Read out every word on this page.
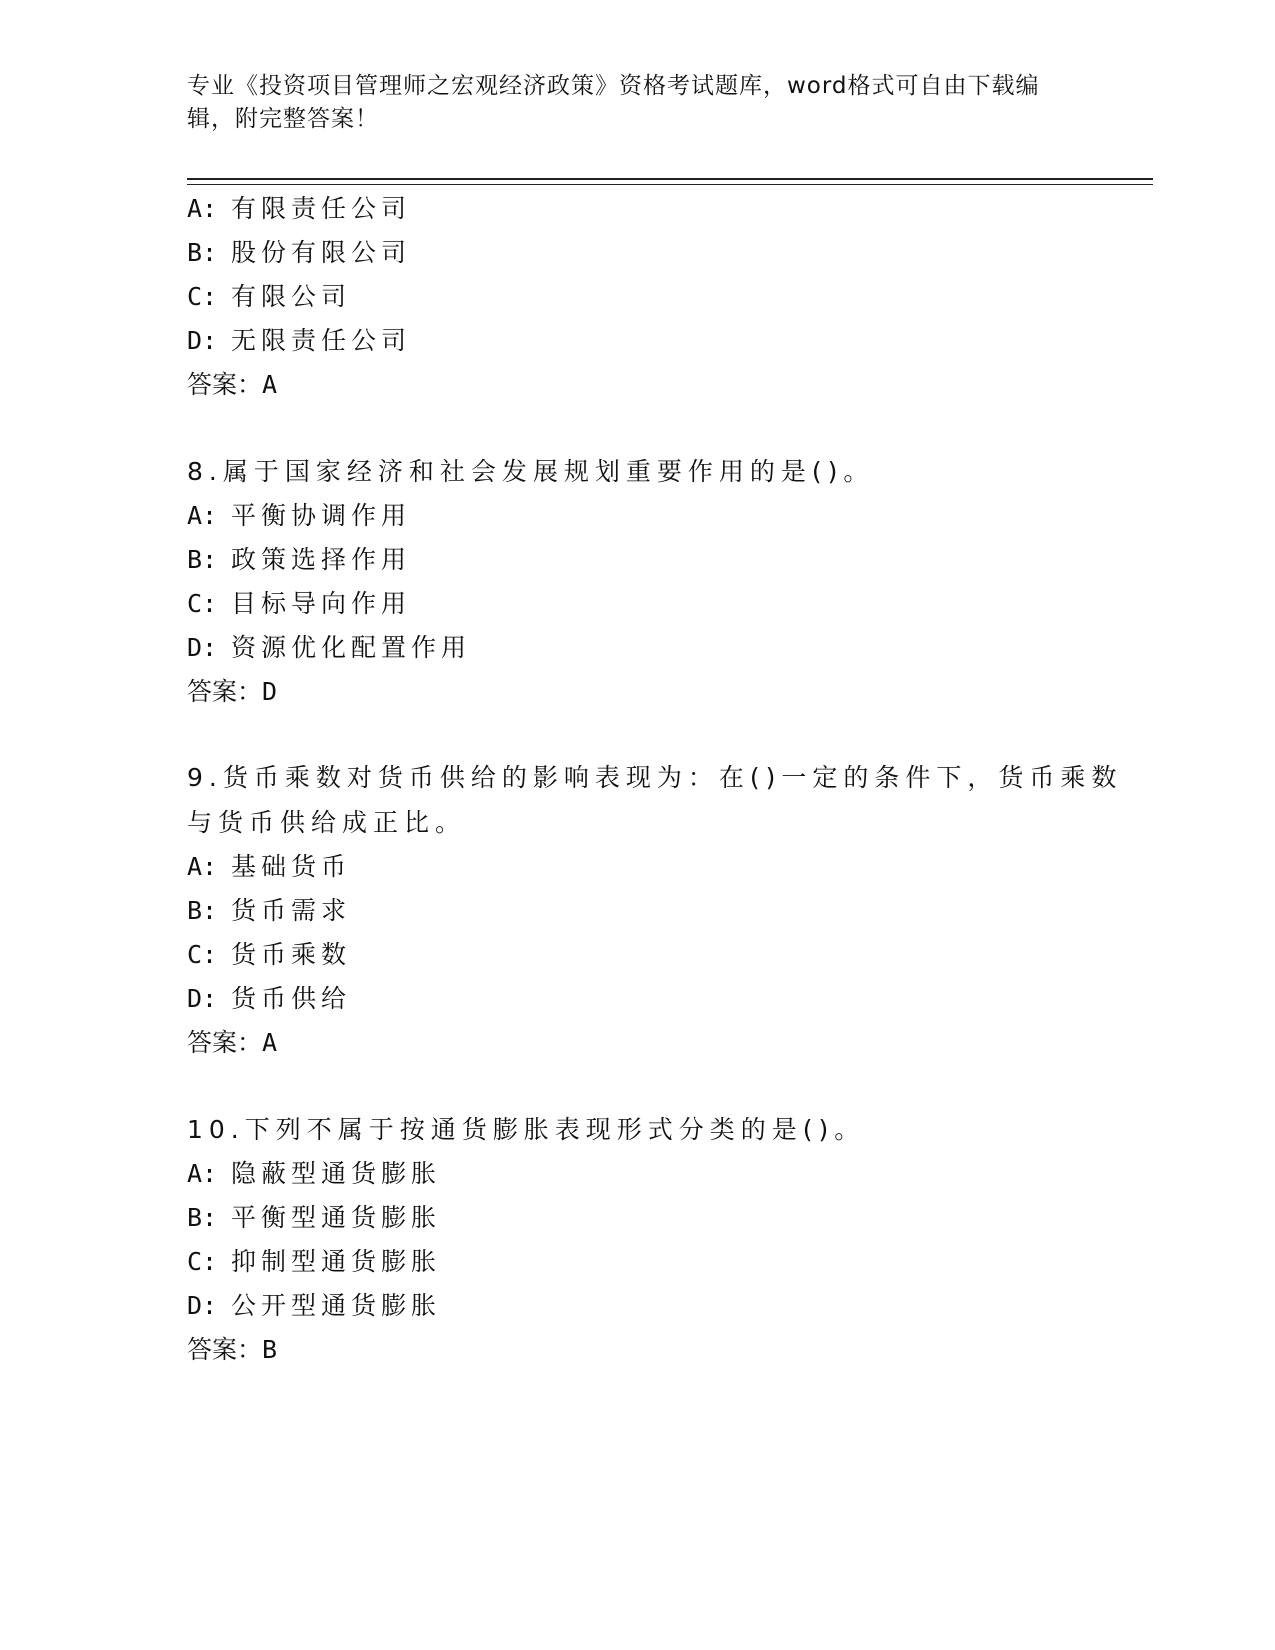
专业《投资项目管理师之宏观经济政策》资格考试题库，word格式可自由下载编辑，附完整答案！
A: 有限责任公司
B: 股份有限公司
C: 有限公司
D: 无限责任公司
答案：A
8.属于国家经济和社会发展规划重要作用的是()。
A: 平衡协调作用
B: 政策选择作用
C: 目标导向作用
D: 资源优化配置作用
答案：D
9.货币乘数对货币供给的影响表现为：在()一定的条件下，货币乘数
与货币供给成正比。
A: 基础货币
B: 货币需求
C: 货币乘数
D: 货币供给
答案：A
10.下列不属于按通货膨胀表现形式分类的是()。
A: 隐蔽型通货膨胀
B: 平衡型通货膨胀
C: 抑制型通货膨胀
D: 公开型通货膨胀
答案：B
